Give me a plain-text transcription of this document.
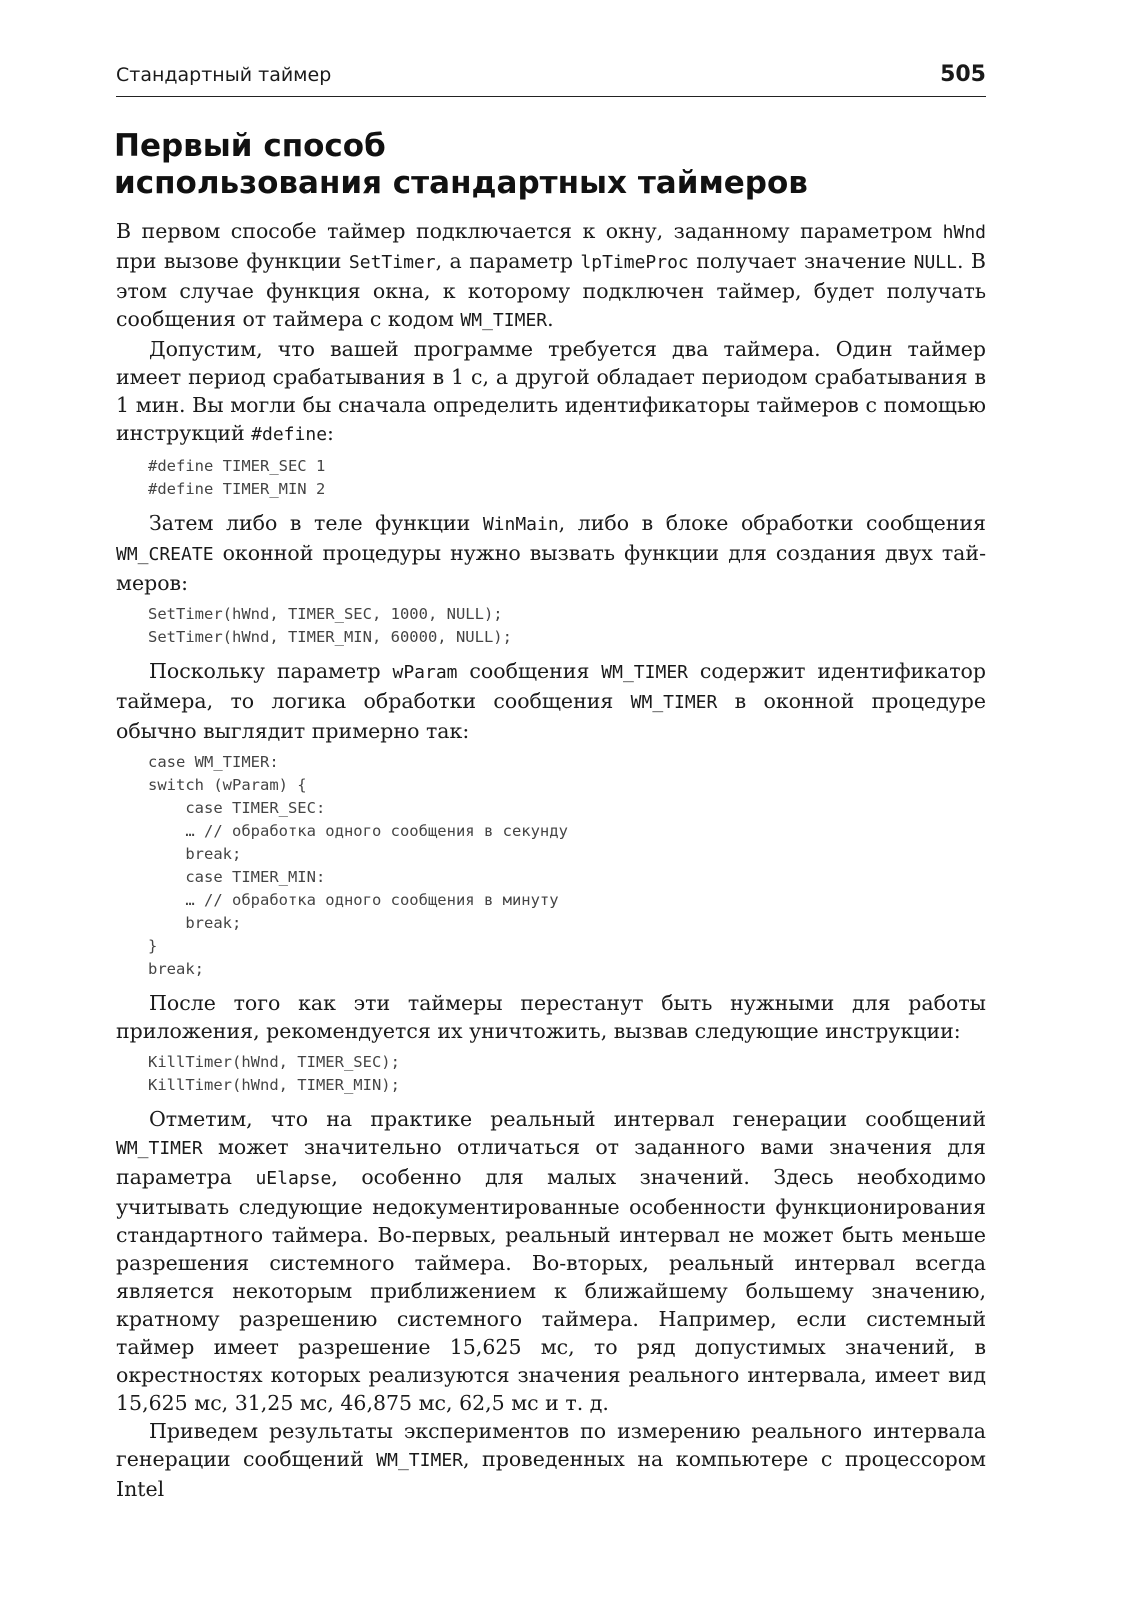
Стандартный таймер	505
Первый способ
использования стандартных таймеров

В первом способе таймер подключается к окну, заданному параметром hWnd при вызове функции SetTimer, а параметр lpTimeProc получает значение NULL. В этом случае функция окна, к которому подключен таймер, будет получать сообщения от таймера с кодом WM_TIMER.

Допустим, что вашей программе требуется два таймера. Один таймер имеет период срабатывания в 1 с, а другой обладает периодом срабатывания в 1 мин. Вы могли бы сначала определить идентификаторы таймеров с помощью инструкций #define:

#define TIMER_SEC 1
#define TIMER_MIN 2

Затем либо в теле функции WinMain, либо в блоке обработки сообщения WM_CREATE оконной процедуры нужно вызвать функции для создания двух таймеров:

SetTimer(hWnd, TIMER_SEC, 1000, NULL);
SetTimer(hWnd, TIMER_MIN, 60000, NULL);

Поскольку параметр wParam сообщения WM_TIMER содержит идентификатор таймера, то логика обработки сообщения WM_TIMER в оконной процедуре обычно выглядит примерно так:

case WM_TIMER:
switch (wParam) {
case TIMER_SEC:
… // обработка одного сообщения в секунду
break;
case TIMER_MIN:
… // обработка одного сообщения в минуту
break;
}
break;

После того как эти таймеры перестанут быть нужными для работы приложения, рекомендуется их уничтожить, вызвав следующие инструкции:

KillTimer(hWnd, TIMER_SEC);
KillTimer(hWnd, TIMER_MIN);

Отметим, что на практике реальный интервал генерации сообщений WM_TIMER может значительно отличаться от заданного вами значения для параметра uElapse, особенно для малых значений. Здесь необходимо учитывать следующие недокументированные особенности функционирования стандартного таймера. Во-первых, реальный интервал не может быть меньше разрешения системного таймера. Во-вторых, реальный интервал всегда является некоторым приближением к ближайшему большему значению, кратному разрешению системного таймера. Например, если системный таймер имеет разрешение 15,625 мс, то ряд допустимых значений, в окрестностях которых реализуются значения реального интервала, имеет вид 15,625 мс, 31,25 мс, 46,875 мс, 62,5 мс и т. д.

Приведем результаты экспериментов по измерению реального интервала генерации сообщений WM_TIMER, проведенных на компьютере с процессором Intel
